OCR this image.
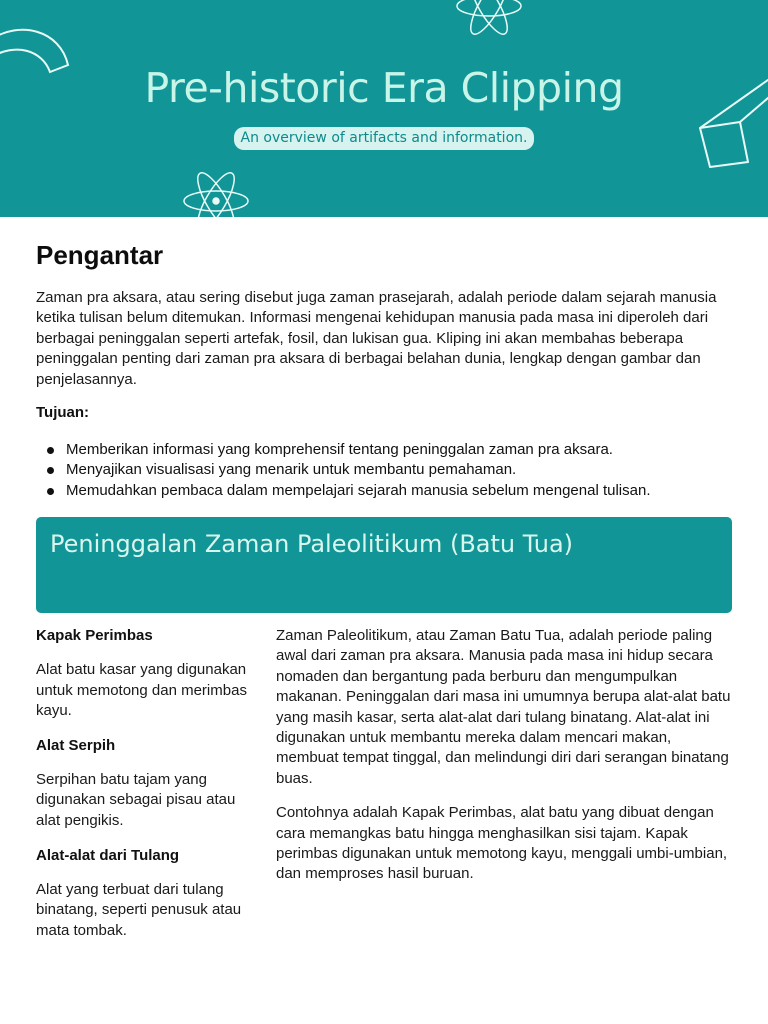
Pre-historic Era Clipping
An overview of artifacts and information.
Pengantar

Zaman pra aksara, atau sering disebut juga zaman prasejarah, adalah periode dalam sejarah manusia ketika tulisan belum ditemukan. Informasi mengenai kehidupan manusia pada masa ini diperoleh dari berbagai peninggalan seperti artefak, fosil, dan lukisan gua. Kliping ini akan membahas beberapa peninggalan penting dari zaman pra aksara di berbagai belahan dunia, lengkap dengan gambar dan penjelasannya.

Tujuan:

Memberikan informasi yang komprehensif tentang peninggalan zaman pra aksara.
Menyajikan visualisasi yang menarik untuk membantu pemahaman.
Memudahkan pembaca dalam mempelajari sejarah manusia sebelum mengenal tulisan.
Peninggalan Zaman Paleolitikum (Batu Tua)

Kapak Perimbas

Alat batu kasar yang digunakan untuk memotong dan merimbas kayu.

Alat Serpih

Serpihan batu tajam yang digunakan sebagai pisau atau alat pengikis.

Alat-alat dari Tulang

Alat yang terbuat dari tulang binatang, seperti penusuk atau mata tombak.

Zaman Paleolitikum, atau Zaman Batu Tua, adalah periode paling awal dari zaman pra aksara. Manusia pada masa ini hidup secara nomaden dan bergantung pada berburu dan mengumpulkan makanan. Peninggalan dari masa ini umumnya berupa alat-alat batu yang masih kasar, serta alat-alat dari tulang binatang. Alat-alat ini digunakan untuk membantu mereka dalam mencari makan, membuat tempat tinggal, dan melindungi diri dari serangan binatang buas.

Contohnya adalah Kapak Perimbas, alat batu yang dibuat dengan cara memangkas batu hingga menghasilkan sisi tajam. Kapak perimbas digunakan untuk memotong kayu, menggali umbi-umbian, dan memproses hasil buruan.
